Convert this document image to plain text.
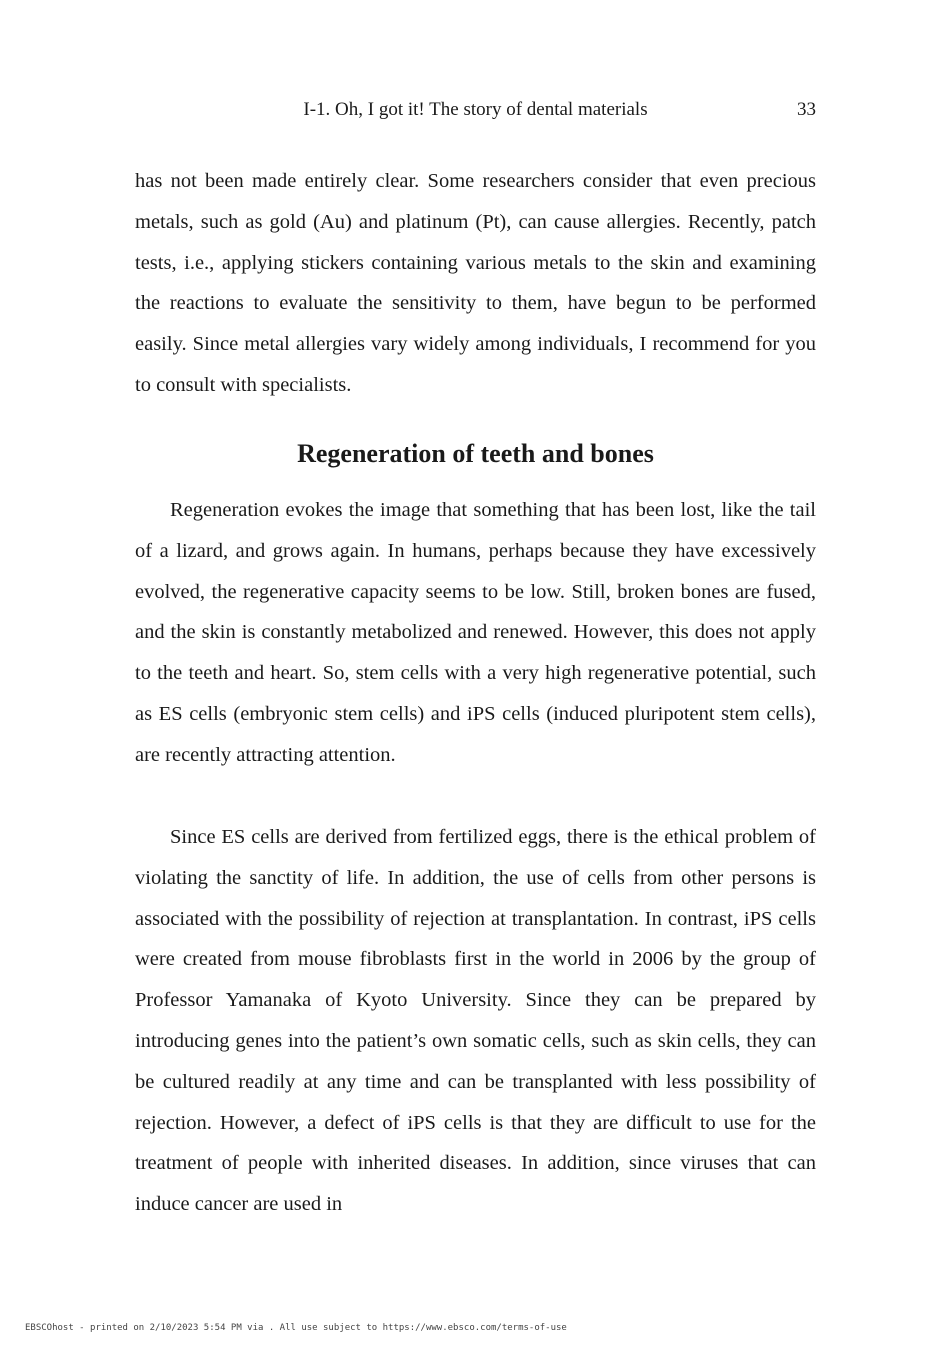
I-1. Oh, I got it! The story of dental materials	33

has not been made entirely clear. Some researchers consider that even precious metals, such as gold (Au) and platinum (Pt), can cause allergies. Recently, patch tests, i.e., applying stickers containing various metals to the skin and examining the reactions to evaluate the sensitivity to them, have begun to be performed easily. Since metal allergies vary widely among individuals, I recommend for you to consult with specialists.

Regeneration of teeth and bones

Regeneration evokes the image that something that has been lost, like the tail of a lizard, and grows again. In humans, perhaps because they have excessively evolved, the regenerative capacity seems to be low. Still, broken bones are fused, and the skin is constantly metabolized and renewed. However, this does not apply to the teeth and heart. So, stem cells with a very high regenerative potential, such as ES cells (embryonic stem cells) and iPS cells (induced pluripotent stem cells), are recently attracting attention.

Since ES cells are derived from fertilized eggs, there is the ethical problem of violating the sanctity of life. In addition, the use of cells from other persons is associated with the possibility of rejection at transplantation. In contrast, iPS cells were created from mouse fibroblasts first in the world in 2006 by the group of Professor Yamanaka of Kyoto University. Since they can be prepared by introducing genes into the patient’s own somatic cells, such as skin cells, they can be cultured readily at any time and can be transplanted with less possibility of rejection. However, a defect of iPS cells is that they are difficult to use for the treatment of people with inherited diseases. In addition, since viruses that can induce cancer are used in

EBSCOhost - printed on 2/10/2023 5:54 PM via . All use subject to https://www.ebsco.com/terms-of-use
